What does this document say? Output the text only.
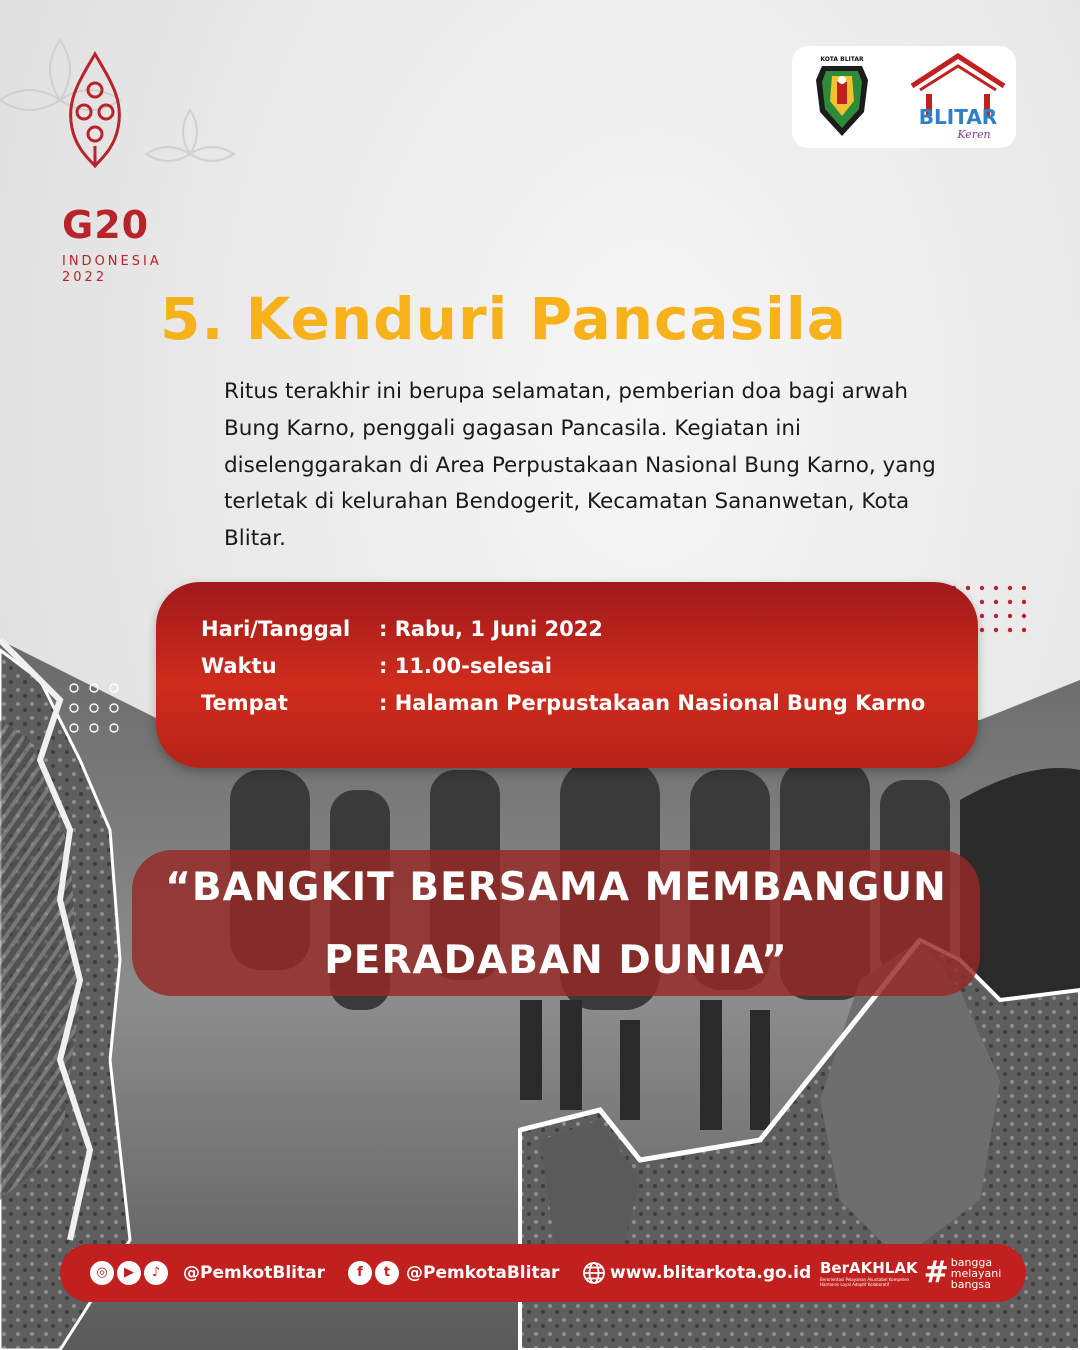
G20
INDONESIA
2022
KOTA BLITAR
BLITAR
Keren
5. Kenduri Pancasila
Ritus terakhir ini berupa selamatan, pemberian doa bagi arwah Bung Karno, penggali gagasan Pancasila. Kegiatan ini diselenggarakan di Area Perpustakaan Nasional Bung Karno, yang terletak di kelurahan Bendogerit, Kecamatan Sananwetan, Kota Blitar.
Hari/Tanggal : Rabu, 1 Juni 2022
Waktu	: 11.00-selesai
Tempat	: Halaman Perpustakaan Nasional Bung Karno
“BANGKIT BERSAMA MEMBANGUN
PERADABAN DUNIA”
◎	▶	♪	@PemkotBlitar	f	t @PemkotaBlitar	www.blitarkota.go.id BerAKHLAK
Berorientasi Pelayanan Akuntabel Kompeten
Harmonis Loyal Adaptif Kolaboratif	# bangga
melayani
bangsa
